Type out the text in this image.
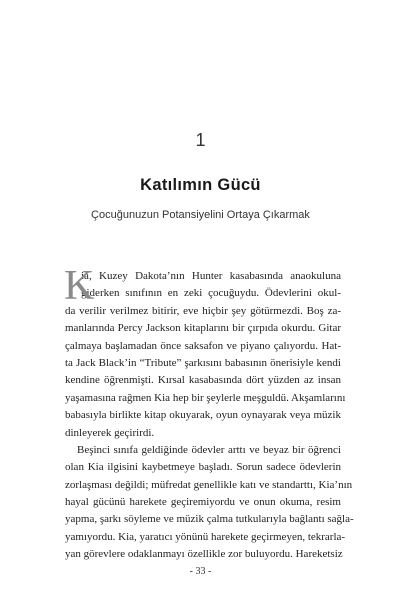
1
Katılımın Gücü
Çocuğunuzun Potansiyelini Ortaya Çıkarmak
K
ia, Kuzey Dakota’nın Hunter kasabasında anaokuluna
giderken sınıfının en zeki çocuğuydu. Ödevlerini okul-
da verilir verilmez bitirir, eve hiçbir şey götürmezdi. Boş za-
manlarında Percy Jackson kitaplarını bir çırpıda okurdu. Gitar
çalmaya başlamadan önce saksafon ve piyano çalıyordu. Hat-
ta Jack Black’in “Tribute” şarkısını babasının önerisiyle kendi
kendine öğrenmişti. Kırsal kasabasında dört yüzden az insan
yaşamasına rağmen Kia hep bir şeylerle meşguldü. Akşamlarını
babasıyla birlikte kitap okuyarak, oyun oynayarak veya müzik
dinleyerek geçirirdi.
Beşinci sınıfa geldiğinde ödevler arttı ve beyaz bir öğrenci
olan Kia ilgisini kaybetmeye başladı. Sorun sadece ödevlerin
zorlaşması değildi; müfredat genellikle katı ve standarttı, Kia’nın
hayal gücünü harekete geçiremiyordu ve onun okuma, resim
yapma, şarkı söyleme ve müzik çalma tutkularıyla bağlantı sağla-
yamıyordu. Kia, yaratıcı yönünü harekete geçirmeyen, tekrarla-
yan görevlere odaklanmayı özellikle zor buluyordu. Hareketsiz
- 33 -
